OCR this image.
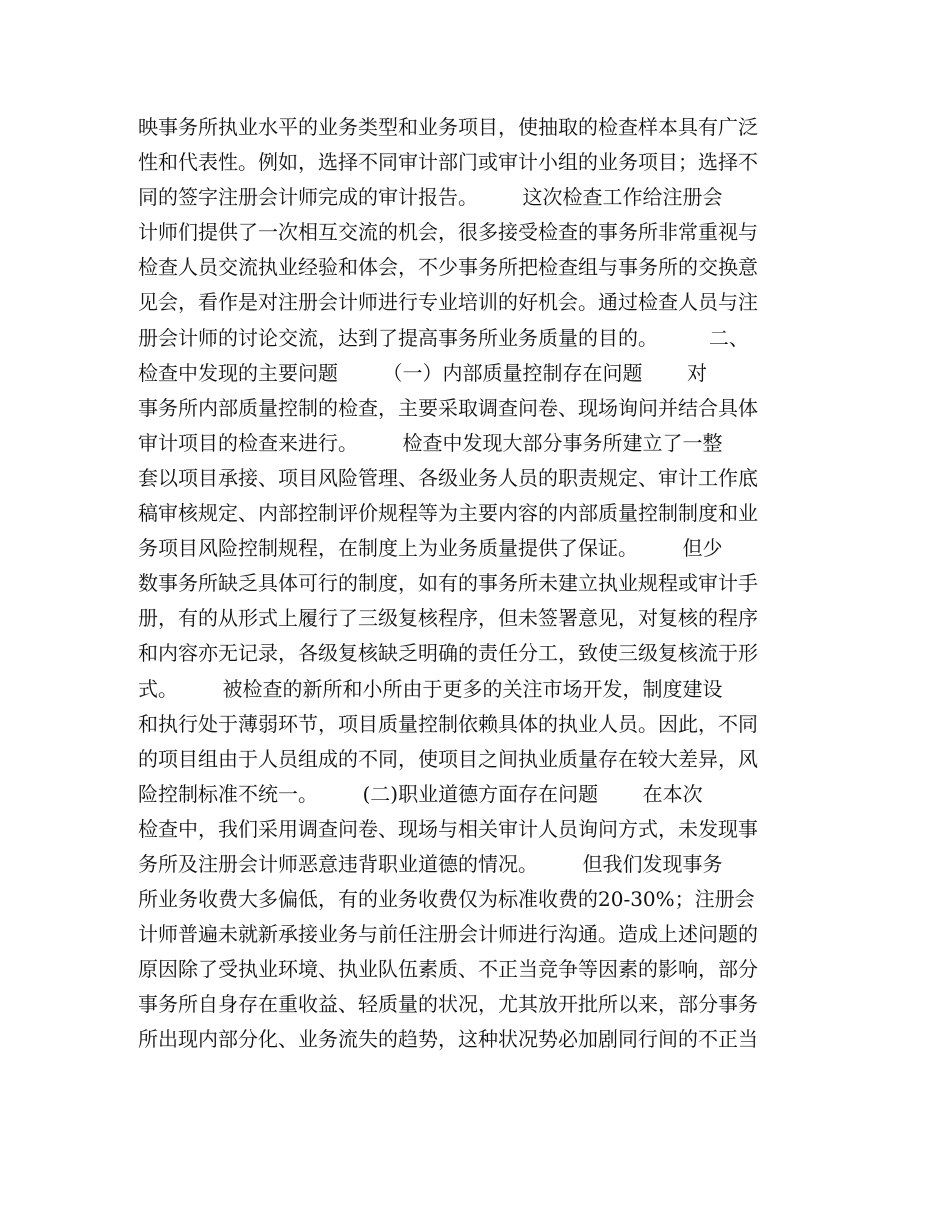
映事务所执业水平的业务类型和业务项目，使抽取的检查样本具有广泛
性和代表性。例如，选择不同审计部门或审计小组的业务项目；选择不
同的签字注册会计师完成的审计报告。       这次检查工作给注册会
计师们提供了一次相互交流的机会，很多接受检查的事务所非常重视与
检查人员交流执业经验和体会，不少事务所把检查组与事务所的交换意
见会，看作是对注册会计师进行专业培训的好机会。通过检查人员与注
册会计师的讨论交流，达到了提高事务所业务质量的目的。        二、
检查中发现的主要问题       （一）内部质量控制存在问题       对
事务所内部质量控制的检查，主要采取调查问卷、现场询问并结合具体
审计项目的检查来进行。       检查中发现大部分事务所建立了一整
套以项目承接、项目风险管理、各级业务人员的职责规定、审计工作底
稿审核规定、内部控制评价规程等为主要内容的内部质量控制制度和业
务项目风险控制规程，在制度上为业务质量提供了保证。       但少
数事务所缺乏具体可行的制度，如有的事务所未建立执业规程或审计手
册，有的从形式上履行了三级复核程序，但未签署意见，对复核的程序
和内容亦无记录，各级复核缺乏明确的责任分工，致使三级复核流于形
式。       被检查的新所和小所由于更多的关注市场开发，制度建设
和执行处于薄弱环节，项目质量控制依赖具体的执业人员。因此，不同
的项目组由于人员组成的不同，使项目之间执业质量存在较大差异，风
险控制标准不统一。       (二)职业道德方面存在问题       在本次
检查中，我们采用调查问卷、现场与相关审计人员询问方式，未发现事
务所及注册会计师恶意违背职业道德的情况。       但我们发现事务
所业务收费大多偏低，有的业务收费仅为标准收费的20-30%；注册会
计师普遍未就新承接业务与前任注册会计师进行沟通。造成上述问题的
原因除了受执业环境、执业队伍素质、不正当竞争等因素的影响，部分
事务所自身存在重收益、轻质量的状况，尤其放开批所以来，部分事务
所出现内部分化、业务流失的趋势，这种状况势必加剧同行间的不正当
